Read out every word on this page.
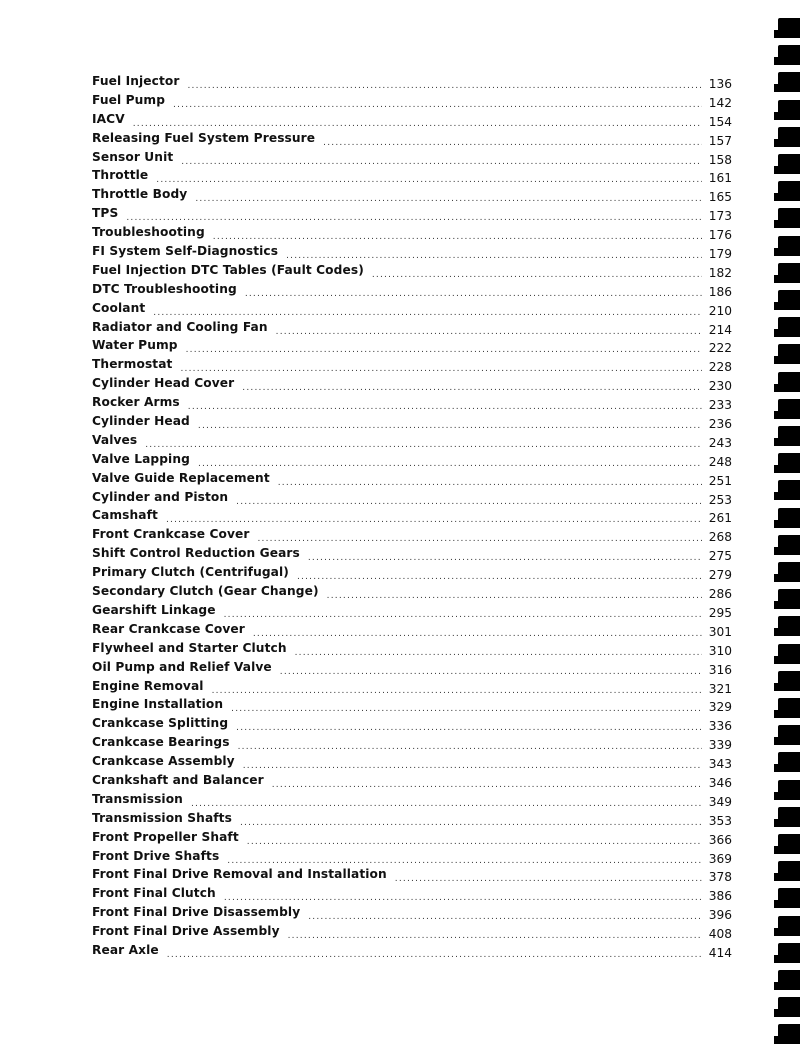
Fuel Injector .....	136
Fuel Pump .....	142
IACV .....	154
Releasing Fuel System Pressure .....	157
Sensor Unit .....	158
Throttle .....	161
Throttle Body .....	165
TPS .....	173
Troubleshooting .....	176
FI System Self-Diagnostics .....	179
Fuel Injection DTC Tables (Fault Codes) .....	182
DTC Troubleshooting .....	186
Coolant .....	210
Radiator and Cooling Fan .....	214
Water Pump .....	222
Thermostat .....	228
Cylinder Head Cover .....	230
Rocker Arms .....	233
Cylinder Head .....	236
Valves .....	243
Valve Lapping .....	248
Valve Guide Replacement .....	251
Cylinder and Piston .....	253
Camshaft .....	261
Front Crankcase Cover .....	268
Shift Control Reduction Gears .....	275
Primary Clutch (Centrifugal) .....	279
Secondary Clutch (Gear Change) .....	286
Gearshift Linkage .....	295
Rear Crankcase Cover .....	301
Flywheel and Starter Clutch .....	310
Oil Pump and Relief Valve .....	316
Engine Removal .....	321
Engine Installation .....	329
Crankcase Splitting .....	336
Crankcase Bearings .....	339
Crankcase Assembly .....	343
Crankshaft and Balancer .....	346
Transmission .....	349
Transmission Shafts .....	353
Front Propeller Shaft .....	366
Front Drive Shafts .....	369
Front Final Drive Removal and Installation .....	378
Front Final Clutch .....	386
Front Final Drive Disassembly .....	396
Front Final Drive Assembly .....	408
Rear Axle .....	414
